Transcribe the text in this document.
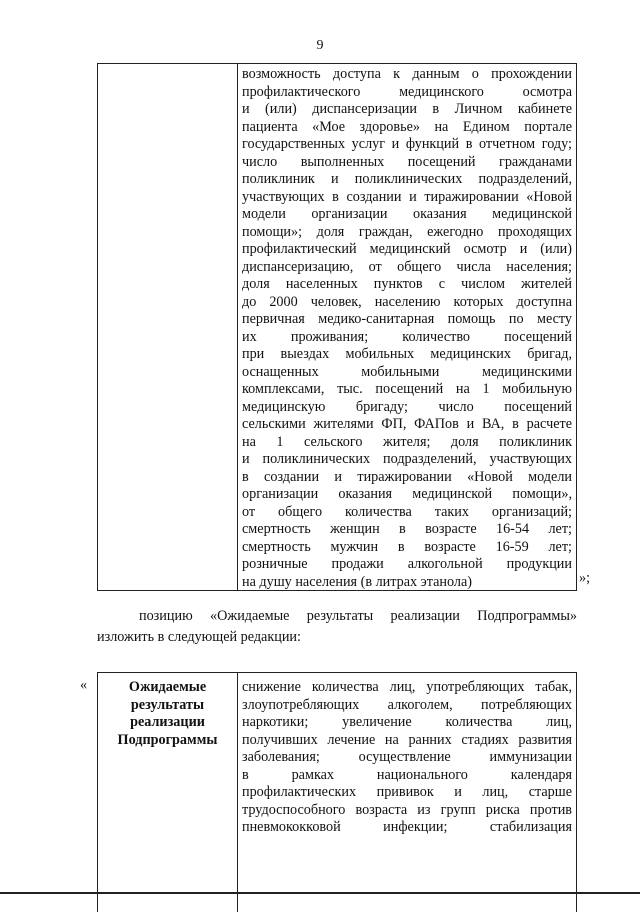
9
возможность доступа к данным о прохождении
профилактического медицинского осмотра
и (или) диспансеризации в Личном кабинете
пациента «Мое здоровье» на Едином портале
государственных услуг и функций в отчетном году;
число выполненных посещений гражданами
поликлиник и поликлинических подразделений,
участвующих в создании и тиражировании «Новой
модели организации оказания медицинской
помощи»; доля граждан, ежегодно проходящих
профилактический медицинский осмотр и (или)
диспансеризацию, от общего числа населения;
доля населенных пунктов с числом жителей
до 2000 человек, населению которых доступна
первичная медико-санитарная помощь по месту
их проживания; количество посещений
при выездах мобильных медицинских бригад,
оснащенных мобильными медицинскими
комплексами, тыс. посещений на 1 мобильную
медицинскую бригаду; число посещений
сельскими жителями ФП, ФАПов и ВА, в расчете
на 1 сельского жителя; доля поликлиник
и поликлинических подразделений, участвующих
в создании и тиражировании «Новой модели
организации оказания медицинской помощи»,
от общего количества таких организаций;
смертность женщин в возрасте 16-54 лет;
смертность мужчин в возрасте 16-59 лет;
розничные продажи алкогольной продукции
на душу населения (в литрах этанола)	»;
позицию «Ожидаемые результаты реализации Подпрограммы»
изложить в следующей редакции:
«	Ожидаемые
результаты
реализации
Подпрограммы
снижение количества лиц, употребляющих табак,
злоупотребляющих алкоголем, потребляющих
наркотики; увеличение количества лиц,
получивших лечение на ранних стадиях развития
заболевания; осуществление иммунизации
в рамках национального календаря
профилактических прививок и лиц, старше
трудоспособного возраста из групп риска против
пневмококковой инфекции; стабилизация
